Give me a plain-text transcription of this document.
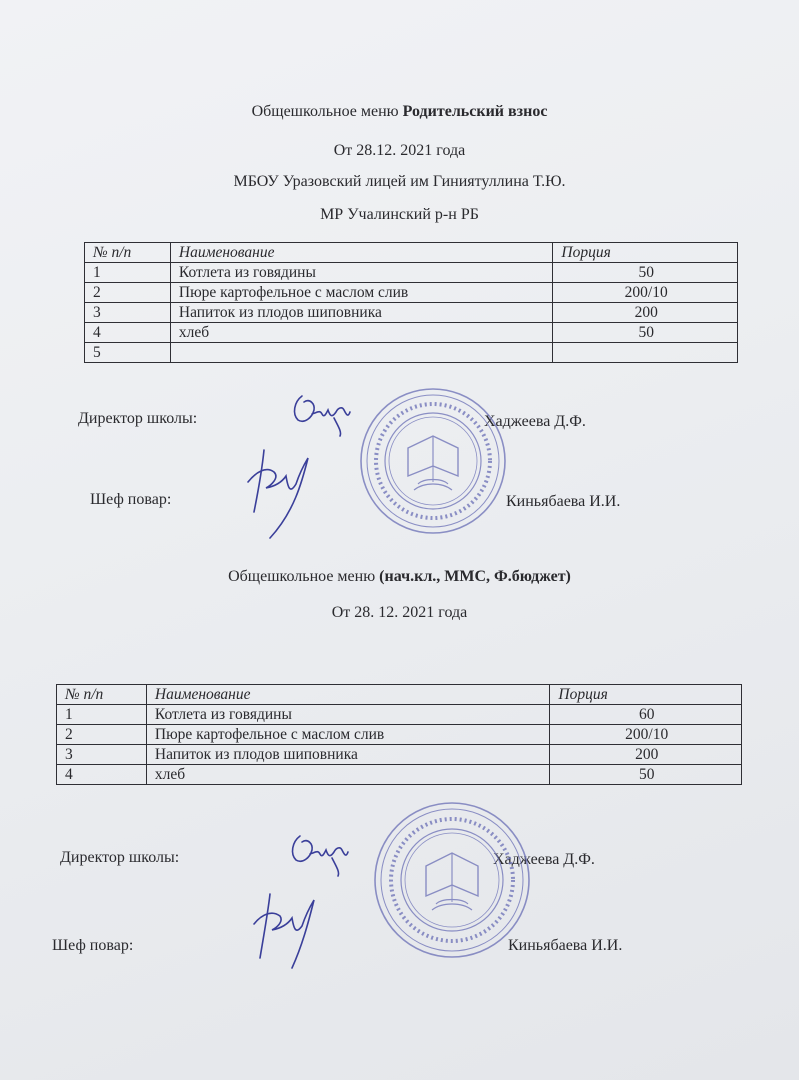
Общешкольное меню Родительский взнос
От 28.12. 2021 года
МБОУ Уразовский лицей им Гиниятуллина Т.Ю.
МР Учалинский р-н РБ
№ п/п	Наименование	Порция
1	Котлета из говядины	50
2	Пюре картофельное с маслом слив	200/10
3	Напиток из плодов шиповника	200
4	хлеб	50
5		
Директор школы:	Хаджеева Д.Ф.
Шеф повар:	Киньябаева И.И.
Общешкольное меню (нач.кл., ММС, Ф.бюджет)
От 28. 12. 2021 года
№ п/п	Наименование	Порция
1	Котлета из говядины	60
2	Пюре картофельное с маслом слив	200/10
3	Напиток из плодов шиповника	200
4	хлеб	50
Директор школы:	Хаджеева Д.Ф.
Шеф повар:	Киньябаева И.И.
